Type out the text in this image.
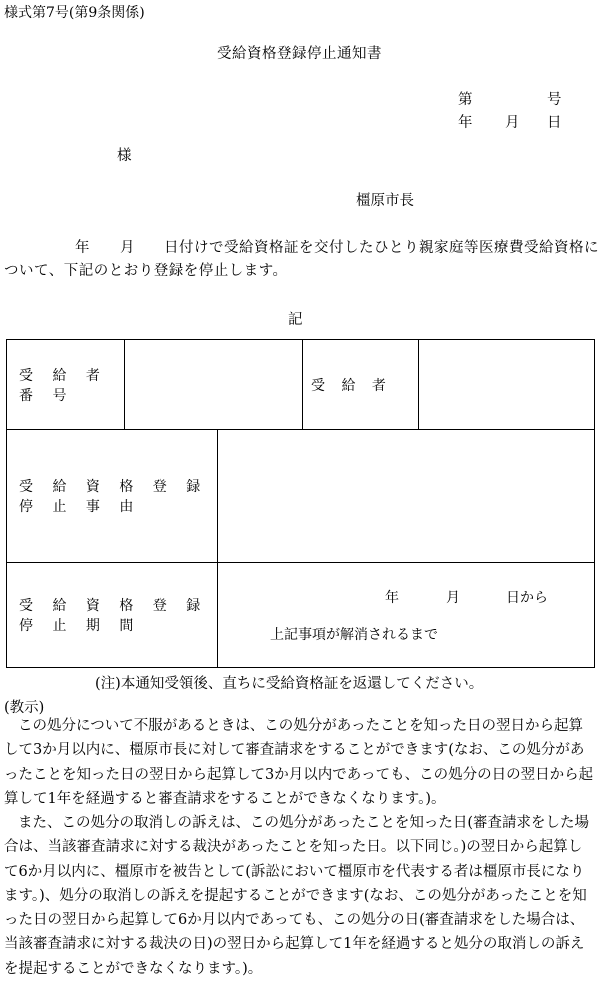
様式第7号(第9条関係)
受給資格登録停止通知書
第	号
年 月 日
様
橿原市長
年 月 日付けで受給資格証を交付したひとり親家庭等医療費受給資格に
ついて、下記のとおり登録を停止します。
記
受 給 者 番 号			受 給 者	
受 給 資 格 登 録 停 止 事 由				
受 給 資 格 登 録 停 止 期 間		年 月 日から
上記事項が解消されるまで		
(注)本通知受領後、直ちに受給資格証を返還してください。
(教示)
この処分について不服があるときは、この処分があったことを知った日の翌日から起算して3か月以内に、橿原市長に対して審査請求をすることができます(なお、この処分があったことを知った日の翌日から起算して3か月以内であっても、この処分の日の翌日から起算して1年を経過すると審査請求をすることができなくなります。)。
また、この処分の取消しの訴えは、この処分があったことを知った日(審査請求をした場合は、当該審査請求に対する裁決があったことを知った日。以下同じ。)の翌日から起算して6か月以内に、橿原市を被告として(訴訟において橿原市を代表する者は橿原市長になります。)、処分の取消しの訴えを提起することができます(なお、この処分があったことを知った日の翌日から起算して6か月以内であっても、この処分の日(審査請求をした場合は、当該審査請求に対する裁決の日)の翌日から起算して1年を経過すると処分の取消しの訴えを提起することができなくなります。)。
